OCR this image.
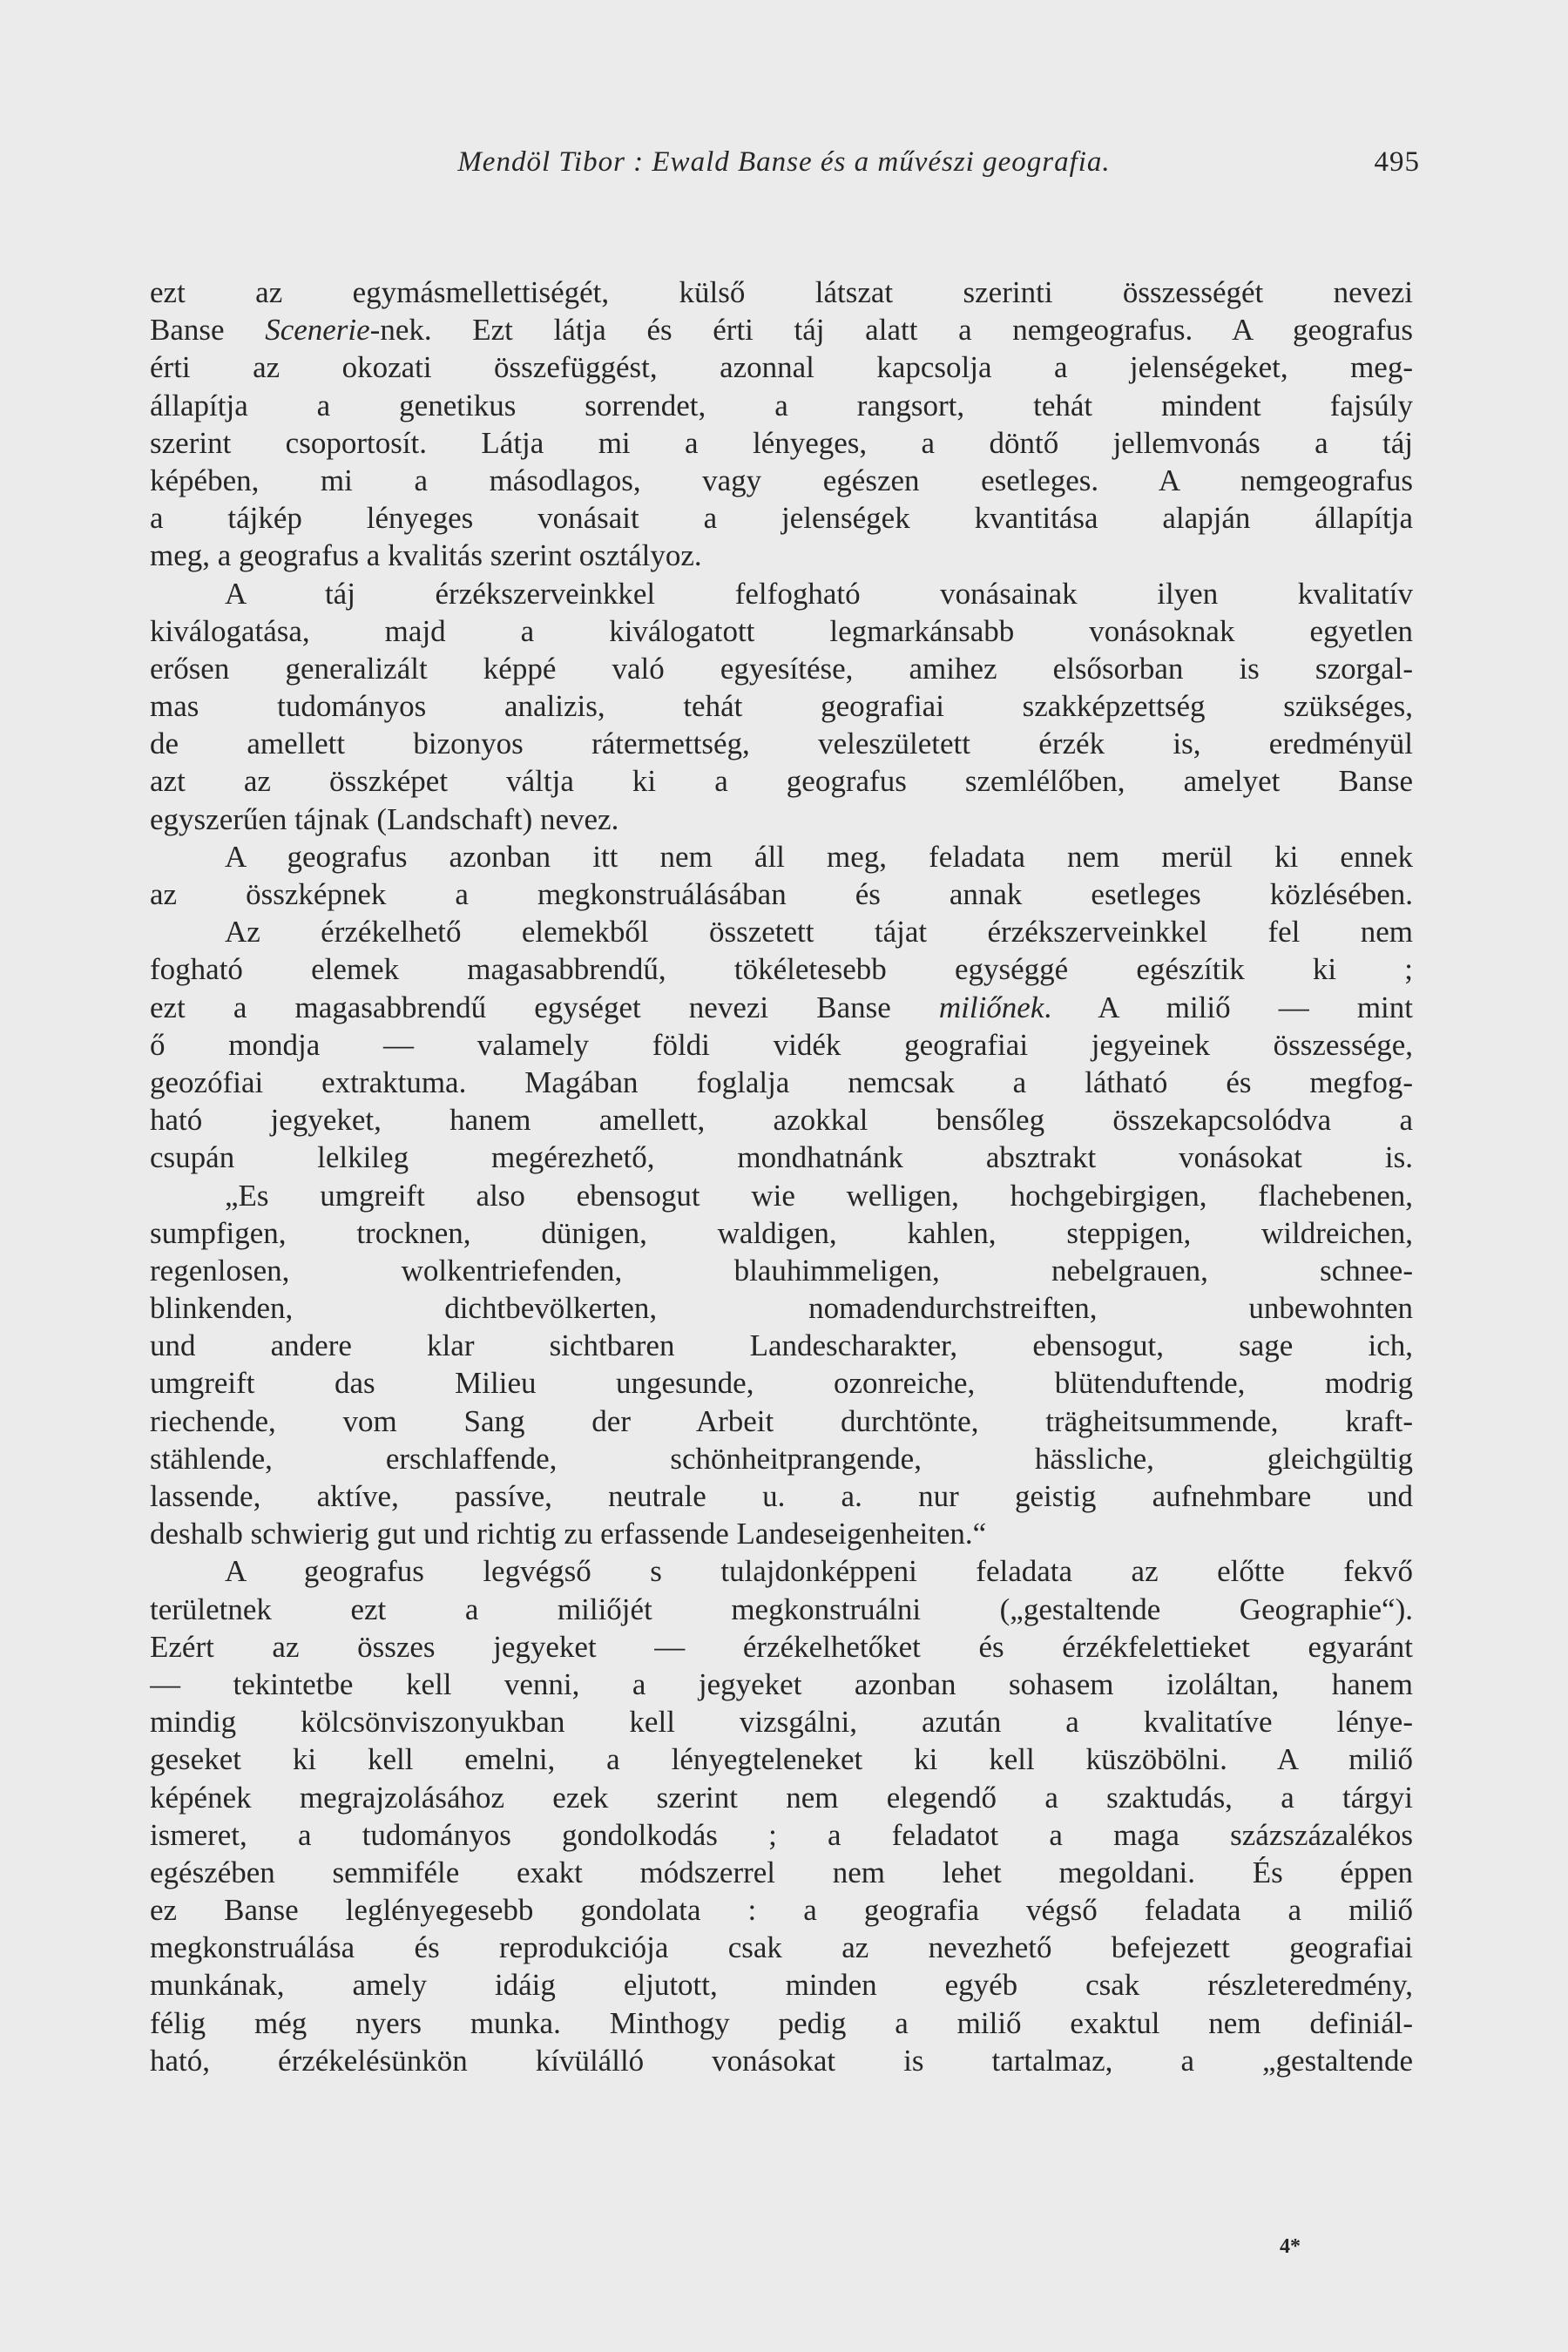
Mendöl Tibor : Ewald Banse és a művészi geografia.	495
ezt az egymásmellettiségét, külső látszat szerinti összességét nevezi
Banse Scenerie-nek. Ezt látja és érti táj alatt a nemgeografus. A geografus
érti az okozati összefüggést, azonnal kapcsolja a jelenségeket, meg-
állapítja a genetikus sorrendet, a rangsort, tehát mindent fajsúly
szerint csoportosít. Látja mi a lényeges, a döntő jellemvonás a táj
képében, mi a másodlagos, vagy egészen esetleges. A nemgeografus
a tájkép lényeges vonásait a jelenségek kvantitása alapján állapítja
meg, a geografus a kvalitás szerint osztályoz.
A táj érzékszerveinkkel felfogható vonásainak ilyen kvalitatív
kiválogatása, majd a kiválogatott legmarkánsabb vonásoknak egyetlen
erősen generalizált képpé való egyesítése, amihez elsősorban is szorgal-
mas tudományos analizis, tehát geografiai szakképzettség szükséges,
de amellett bizonyos rátermettség, veleszületett érzék is, eredményül
azt az összképet váltja ki a geografus szemlélőben, amelyet Banse
egyszerűen tájnak (Landschaft) nevez.
A geografus azonban itt nem áll meg, feladata nem merül ki ennek
az összképnek a megkonstruálásában és annak esetleges közlésében.
Az érzékelhető elemekből összetett tájat érzékszerveinkkel fel nem
fogható elemek magasabbrendű, tökéletesebb egységgé egészítik ki ;
ezt a magasabbrendű egységet nevezi Banse miliőnek. A miliő — mint
ő mondja — valamely földi vidék geografiai jegyeinek összessége,
geozófiai extraktuma. Magában foglalja nemcsak a látható és megfog-
ható jegyeket, hanem amellett, azokkal bensőleg összekapcsolódva a
csupán lelkileg megérezhető, mondhatnánk absztrakt vonásokat is.
„Es umgreift also ebensogut wie welligen, hochgebirgigen, flachebenen,
sumpfigen, trocknen, dünigen, waldigen, kahlen, steppigen, wildreichen,
regenlosen, wolkentriefenden, blauhimmeligen, nebelgrauen, schnee-
blinkenden, dichtbevölkerten, nomadendurchstreiften, unbewohnten
und andere klar sichtbaren Landescharakter, ebensogut, sage ich,
umgreift das Milieu ungesunde, ozonreiche, blütenduftende, modrig
riechende, vom Sang der Arbeit durchtönte, trägheitsummende, kraft-
stählende, erschlaffende, schönheitprangende, hässliche, gleichgültig
lassende, aktíve, passíve, neutrale u. a. nur geistig aufnehmbare und
deshalb schwierig gut und richtig zu erfassende Landeseigenheiten.“
A geografus legvégső s tulajdonképpeni feladata az előtte fekvő
területnek ezt a miliőjét megkonstruálni („gestaltende Geographie“).
Ezért az összes jegyeket — érzékelhetőket és érzékfelettieket egyaránt
— tekintetbe kell venni, a jegyeket azonban sohasem izoláltan, hanem
mindig kölcsönviszonyukban kell vizsgálni, azután a kvalitatíve lénye-
geseket ki kell emelni, a lényegteleneket ki kell küszöbölni. A miliő
képének megrajzolásához ezek szerint nem elegendő a szaktudás, a tárgyi
ismeret, a tudományos gondolkodás ; a feladatot a maga százszázalékos
egészében semmiféle exakt módszerrel nem lehet megoldani. És éppen
ez Banse leglényegesebb gondolata : a geografia végső feladata a miliő
megkonstruálása és reprodukciója csak az nevezhető befejezett geografiai
munkának, amely idáig eljutott, minden egyéb csak részleteredmény,
félig még nyers munka. Minthogy pedig a miliő exaktul nem definiál-
ható, érzékelésünkön kívülálló vonásokat is tartalmaz, a „gestaltende
4*
